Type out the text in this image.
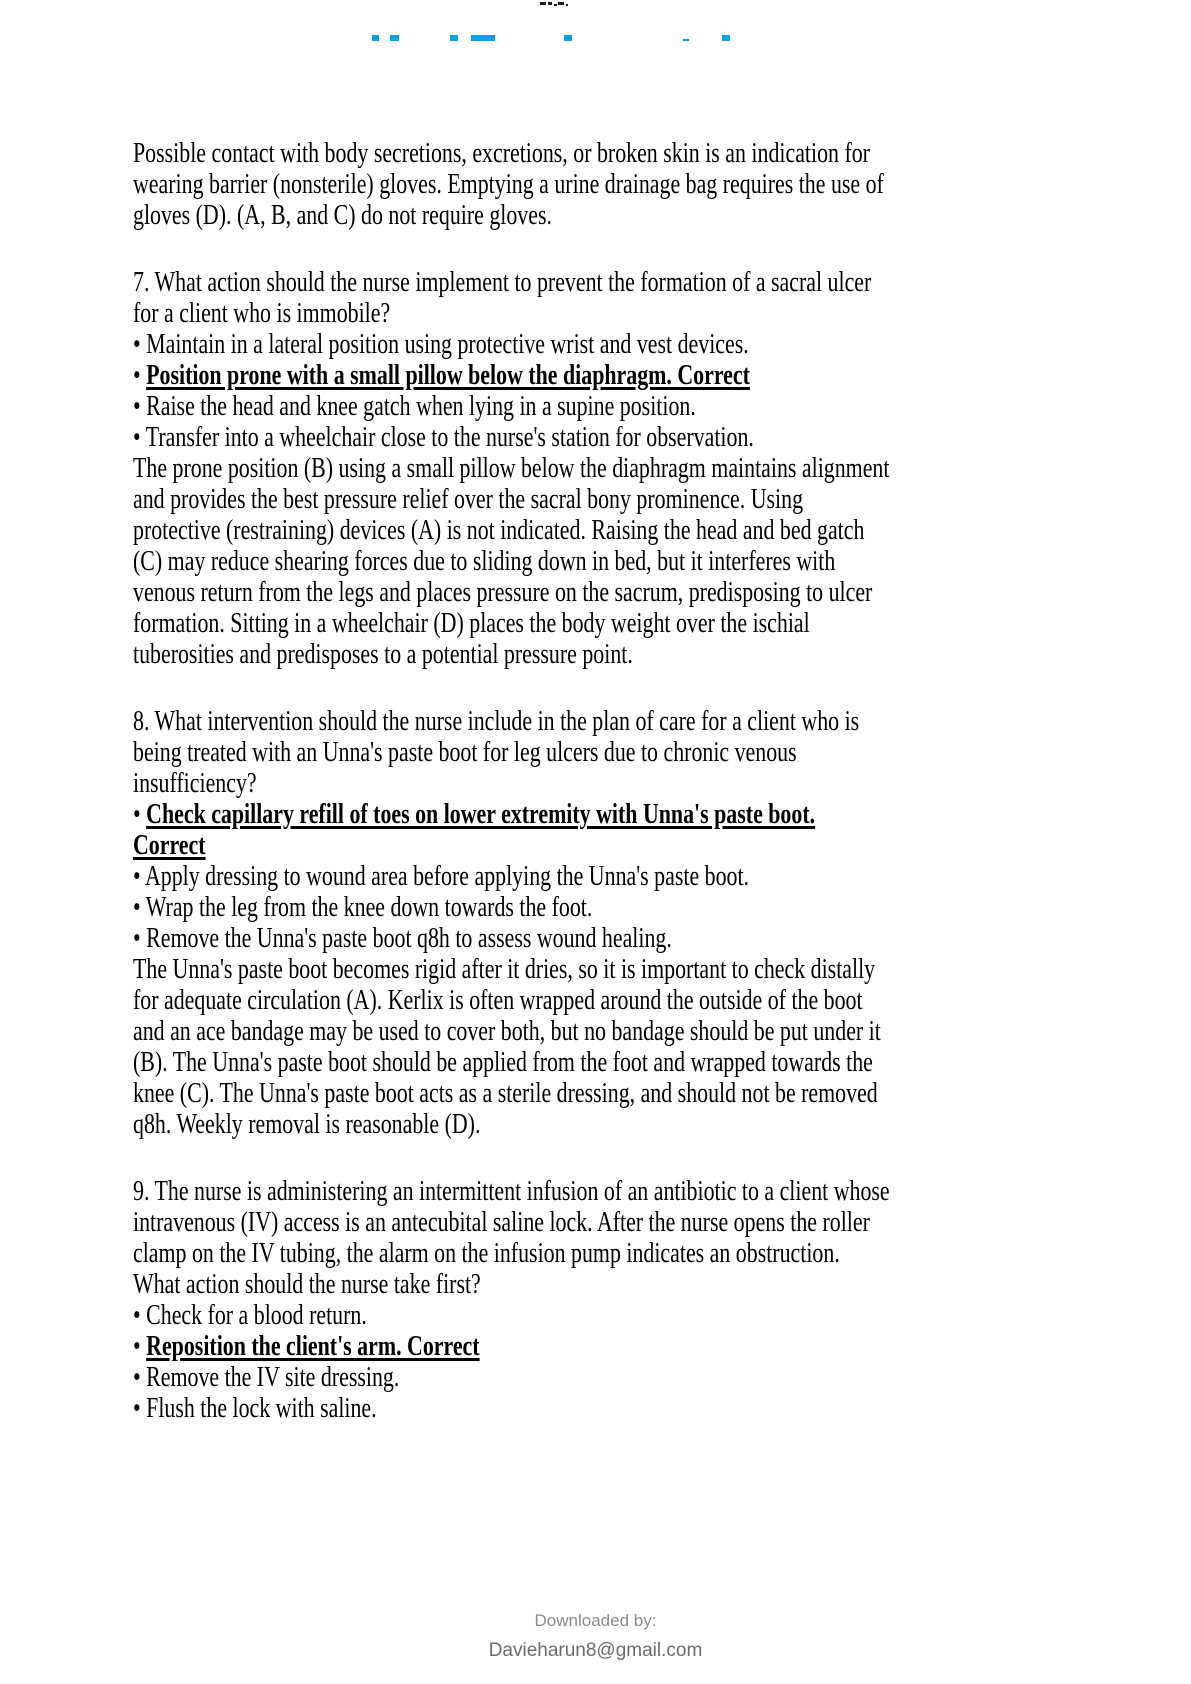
Possible contact with body secretions, excretions, or broken skin is an indication for
wearing barrier (nonsterile) gloves. Emptying a urine drainage bag requires the use of
gloves (D). (A, B, and C) do not require gloves.
7. What action should the nurse implement to prevent the formation of a sacral ulcer
for a client who is immobile?
• Maintain in a lateral position using protective wrist and vest devices.
• Position prone with a small pillow below the diaphragm. Correct
• Raise the head and knee gatch when lying in a supine position.
• Transfer into a wheelchair close to the nurse's station for observation.
The prone position (B) using a small pillow below the diaphragm maintains alignment
and provides the best pressure relief over the sacral bony prominence. Using
protective (restraining) devices (A) is not indicated. Raising the head and bed gatch
(C) may reduce shearing forces due to sliding down in bed, but it interferes with
venous return from the legs and places pressure on the sacrum, predisposing to ulcer
formation. Sitting in a wheelchair (D) places the body weight over the ischial
tuberosities and predisposes to a potential pressure point.
8. What intervention should the nurse include in the plan of care for a client who is
being treated with an Unna's paste boot for leg ulcers due to chronic venous
insufficiency?
• Check capillary refill of toes on lower extremity with Unna's paste boot.
Correct
• Apply dressing to wound area before applying the Unna's paste boot.
• Wrap the leg from the knee down towards the foot.
• Remove the Unna's paste boot q8h to assess wound healing.
The Unna's paste boot becomes rigid after it dries, so it is important to check distally
for adequate circulation (A). Kerlix is often wrapped around the outside of the boot
and an ace bandage may be used to cover both, but no bandage should be put under it
(B). The Unna's paste boot should be applied from the foot and wrapped towards the
knee (C). The Unna's paste boot acts as a sterile dressing, and should not be removed
q8h. Weekly removal is reasonable (D).
9. The nurse is administering an intermittent infusion of an antibiotic to a client whose
intravenous (IV) access is an antecubital saline lock. After the nurse opens the roller
clamp on the IV tubing, the alarm on the infusion pump indicates an obstruction.
What action should the nurse take first?
• Check for a blood return.
• Reposition the client's arm. Correct
• Remove the IV site dressing.
• Flush the lock with saline.
Downloaded by:
Davieharun8@gmail.com
